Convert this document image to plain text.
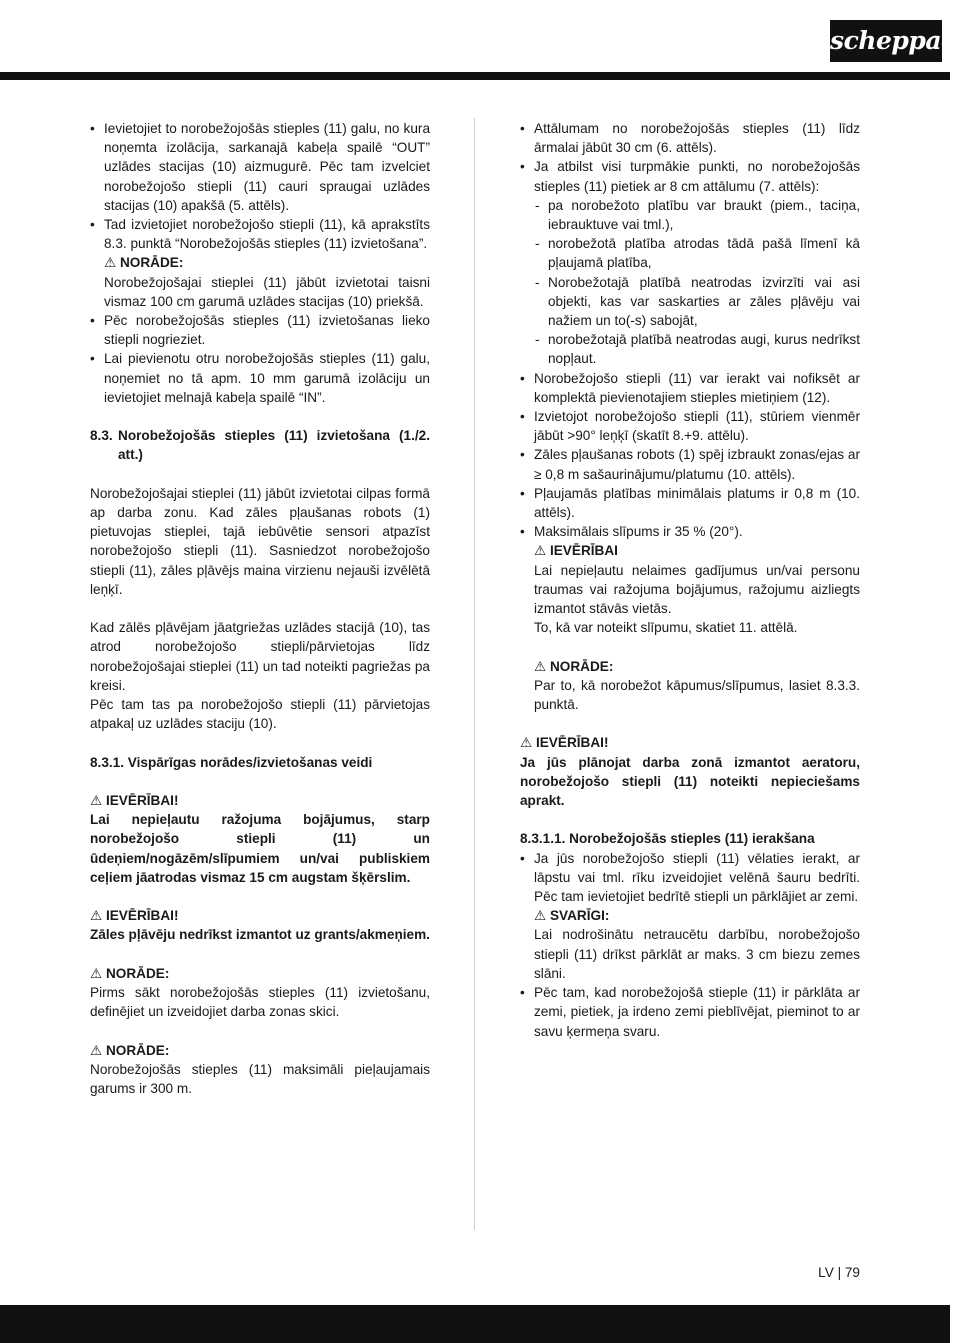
scheppach
• Ievietojiet to norobežojošās stieples (11) galu, no kura noņemta izolācija, sarkanajā kabeļa spailē “OUT” uzlādes stacijas (10) aizmugurē. Pēc tam izvelciet norobežojošo stiepli (11) cauri spraugai uzlādes stacijas (10) apakšā (5. attēls).
• Tad izvietojiet norobežojošo stiepli (11), kā aprakstīts 8.3. punktā “Norobežojošās stieples (11) izvietošana”.

⚠ NORĀDE:

Norobežojošajai stieplei (11) jābūt izvietotai taisni vismaz 100 cm garumā uzlādes stacijas (10) priekšā.

• Pēc norobežojošās stieples (11) izvietošanas lieko stiepli nogrieziet.
• Lai pievienotu otru norobežojošās stieples (11) galu, noņemiet no tā apm. 10 mm garumā izolāciju un ievietojiet melnajā kabeļa spailē “IN”.
8.3. Norobežojošās stieples (11) izvietošana (1./2. att.)

Norobežojošajai stieplei (11) jābūt izvietotai cilpas formā ap darba zonu. Kad zāles pļaušanas robots (1) pietuvojas stieplei, tajā iebūvētie sensori atpazīst norobežojošo stiepli (11). Sasniedzot norobežojošo stiepli (11), zāles pļāvējs maina virzienu nejauši izvēlētā leņķī.

Kad zālēs pļāvējam jāatgriežas uzlādes stacijā (10), tas atrod norobežojošo stiepli/pārvietojas līdz norobežojošajai stieplei (11) un tad noteikti pagriežas pa kreisi.

Pēc tam tas pa norobežojošo stiepli (11) pārvietojas atpakaļ uz uzlādes staciju (10).

8.3.1. Vispārīgas norādes/izvietošanas veidi

⚠ IEVĒRĪBAI!

Lai nepieļautu ražojuma bojājumus, starp norobežojošo stiepli (11) un ūdeņiem/nogāzēm/slīpumiem un/vai publiskiem ceļiem jāatrodas vismaz 15 cm augstam šķērslim.

⚠ IEVĒRĪBAI!

Zāles pļāvēju nedrīkst izmantot uz grants/akmeņiem.

⚠ NORĀDE:

Pirms sākt norobežojošās stieples (11) izvietošanu, definējiet un izveidojiet darba zonas skici.

⚠ NORĀDE:

Norobežojošās stieples (11) maksimāli pieļaujamais garums ir 300 m.

• Attālumam no norobežojošās stieples (11) līdz ārmalai jābūt 30 cm (6. attēls).
• Ja atbilst visi turpmākie punkti, no norobežojošās stieples (11) pietiek ar 8 cm attālumu (7. attēls):
- pa norobežoto platību var braukt (piem., taciņa, iebrauktuve vai tml.),
- norobežotā platība atrodas tādā pašā līmenī kā pļaujamā platība,
- Norobežotajā platībā neatrodas izvirzīti vai asi objekti, kas var saskarties ar zāles pļāvēju vai nažiem un to(-s) sabojāt,
- norobežotajā platībā neatrodas augi, kurus nedrīkst nopļaut.
• Norobežojošo stiepli (11) var ierakt vai nofiksēt ar komplektā pievienotajiem stieples mietiņiem (12).
• Izvietojot norobežojošo stiepli (11), stūriem vienmēr jābūt >90° leņķī (skatīt 8.+9. attēlu).
• Zāles pļaušanas robots (1) spēj izbraukt zonas/ejas ar ≥ 0,8 m sašaurinājumu/platumu (10. attēls).
• Pļaujamās platības minimālais platums ir 0,8 m (10. attēls).
• Maksimālais slīpums ir 35 % (20°).

⚠ IEVĒRĪBAI

Lai nepieļautu nelaimes gadījumus un/vai personu traumas vai ražojuma bojājumus, ražojumu aizliegts izmantot stāvās vietās.

To, kā var noteikt slīpumu, skatiet 11. attēlā.

⚠ NORĀDE:

Par to, kā norobežot kāpumus/slīpumus, lasiet 8.3.3. punktā.

⚠ IEVĒRĪBAI!

Ja jūs plānojat darba zonā izmantot aeratoru, norobežojošo stiepli (11) noteikti nepieciešams aprakt.

8.3.1.1. Norobežojošās stieples (11) ierakšana

• Ja jūs norobežojošo stiepli (11) vēlaties ierakt, ar lāpstu vai tml. rīku izveidojiet velēnā šauru bedrīti. Pēc tam ievietojiet bedrītē stiepli un pārklājiet ar zemi.

⚠ SVARĪGI:

Lai nodrošinātu netraucētu darbību, norobežojošo stiepli (11) drīkst pārklāt ar maks. 3 cm biezu zemes slāni.

• Pēc tam, kad norobežojošā stieple (11) ir pārklāta ar zemi, pietiek, ja irdeno zemi pieblīvējat, pieminot to ar savu ķermeņa svaru.
LV | 79
